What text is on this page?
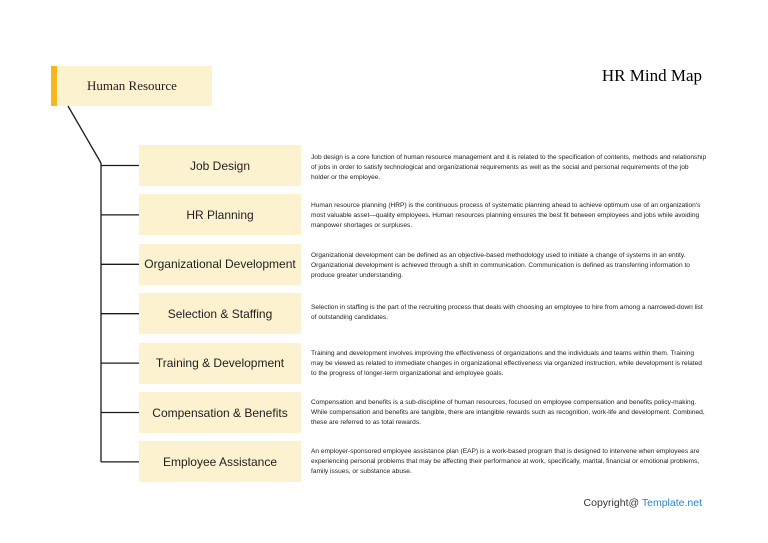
Human Resource
HR Mind Map
Job Design

Job design is a core function of human resource management and it is related to the specification of contents, methods and relationship of jobs in order to satisfy technological and organizational requirements as well as the social and personal requirements of the job holder or the employee.

HR Planning

Human resource planning (HRP) is the continuous process of systematic planning ahead to achieve optimum use of an organization's most valuable asset—quality employees. Human resources planning ensures the best fit between employees and jobs while avoiding manpower shortages or surpluses.

Organizational Development

Organizational development can be defined as an objective-based methodology used to initiate a change of systems in an entity. Organizational development is achieved through a shift in communication. Communication is defined as transferring information to produce greater understanding.

Selection & Staffing	Selection in staffing is the part of the recruiting process that deals with choosing an employee to hire from among a narrowed-down list of outstanding candidates.

Training & Development

Training and development involves improving the effectiveness of organizations and the individuals and teams within them. Training may be viewed as related to immediate changes in organizational effectiveness via organized instruction, while development is related to the progress of longer-term organizational and employee goals.

Compensation & Benefits

Compensation and benefits is a sub-discipline of human resources, focused on employee compensation and benefits policy-making. While compensation and benefits are tangible, there are intangible rewards such as recognition, work-life and development. Combined, these are referred to as total rewards.

Employee Assistance

An employer-sponsored employee assistance plan (EAP) is a work-based program that is designed to intervene when employees are experiencing personal problems that may be affecting their performance at work, specifically, marital, financial or emotional problems, family issues, or substance abuse.

Copyright@ Template.net
